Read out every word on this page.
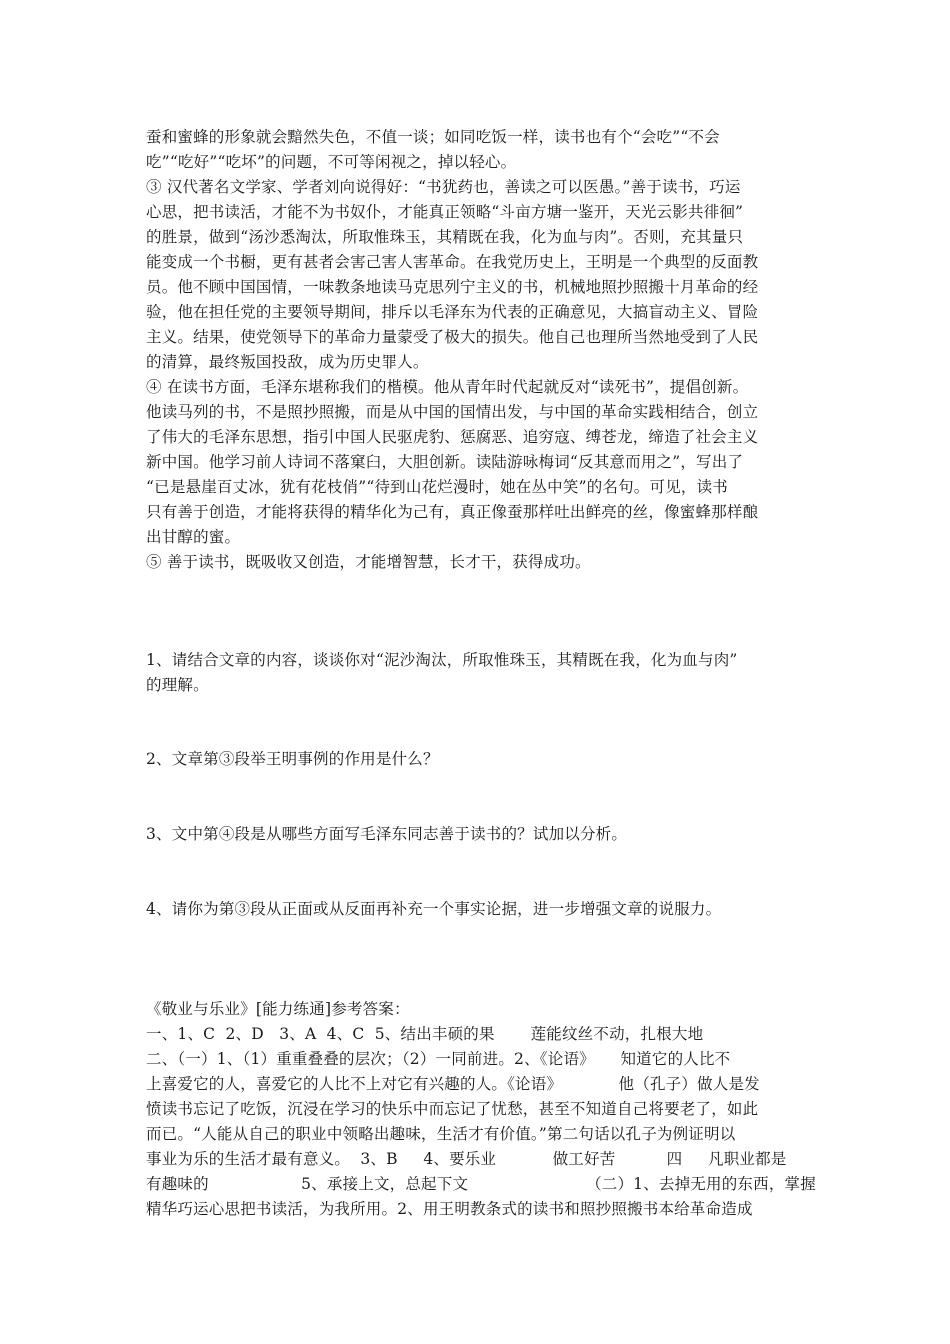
蚕和蜜蜂的形象就会黯然失色，不值一谈；如同吃饭一样，读书也有个“会吃”“不会
吃”“吃好”“吃坏”的问题，不可等闲视之，掉以轻心。
③ 汉代著名文学家、学者刘向说得好：“书犹药也，善读之可以医愚。”善于读书，巧运
心思，把书读活，才能不为书奴仆，才能真正领略“斗亩方塘一鉴开，天光云影共徘徊”
的胜景，做到“汤沙悉淘汰，所取惟珠玉，其精既在我，化为血与肉”。否则，充其量只
能变成一个书橱，更有甚者会害己害人害革命。在我党历史上，王明是一个典型的反面教
员。他不顾中国国情，一味教条地读马克思列宁主义的书，机械地照抄照搬十月革命的经
验，他在担任党的主要领导期间，排斥以毛泽东为代表的正确意见，大搞盲动主义、冒险
主义。结果，使党领导下的革命力量蒙受了极大的损失。他自己也理所当然地受到了人民
的清算，最终叛国投敌，成为历史罪人。
④ 在读书方面，毛泽东堪称我们的楷模。他从青年时代起就反对“读死书”，提倡创新。
他读马列的书，不是照抄照搬，而是从中国的国情出发，与中国的革命实践相结合，创立
了伟大的毛泽东思想，指引中国人民驱虎豹、惩腐恶、追穷寇、缚苍龙，缔造了社会主义
新中国。他学习前人诗词不落窠臼，大胆创新。读陆游咏梅词“反其意而用之”，写出了
“已是悬崖百丈冰，犹有花枝俏”“待到山花烂漫时，她在丛中笑”的名句。可见，读书
只有善于创造，才能将获得的精华化为己有，真正像蚕那样吐出鲜亮的丝，像蜜蜂那样酿
出甘醇的蜜。
⑤ 善于读书，既吸收又创造，才能增智慧，长才干，获得成功。
1、请结合文章的内容，谈谈你对“泥沙淘汰，所取惟珠玉，其精既在我，化为血与肉”
的理解。
2、文章第③段举王明事例的作用是什么？
3、文中第④段是从哪些方面写毛泽东同志善于读书的？试加以分析。
4、请你为第③段从正面或从反面再补充一个事实论据，进一步增强文章的说服力。
《敬业与乐业》[能力练通]参考答案：
一、1、C  2、D   3、A  4、C  5、结出丰硕的果       莲能纹丝不动，扎根大地
二、（一）1、（1）重重叠叠的层次；（2）一同前进。2、《论语》     知道它的人比不
上喜爱它的人，喜爱它的人比不上对它有兴趣的人。《论语》           他（孔子）做人是发
愤读书忘记了吃饭，沉浸在学习的快乐中而忘记了忧愁，甚至不知道自己将要老了，如此
而已。“人能从自己的职业中领略出趣味，生活才有价值。”第二句话以孔子为例证明以
事业为乐的生活才最有意义。  3、B     4、要乐业           做工好苦          四     凡职业都是
有趣味的                  5、承接上文，总起下文                       （二）1、去掉无用的东西，掌握
精华巧运心思把书读活，为我所用。2、用王明教条式的读书和照抄照搬书本给革命造成
